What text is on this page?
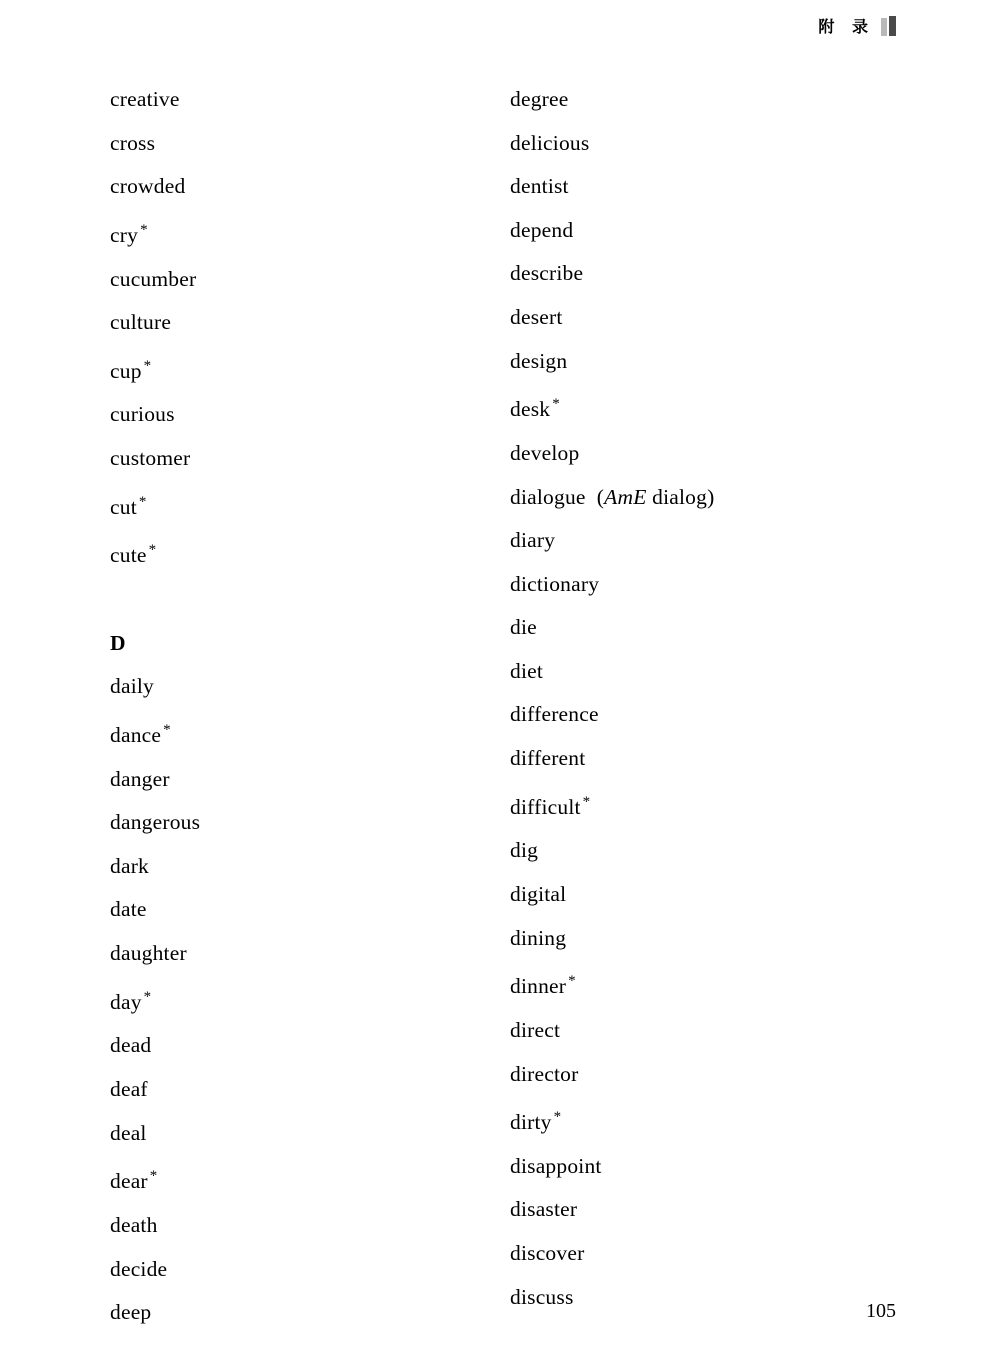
附 录
creative
cross
crowded
cry *
cucumber
culture
cup *
curious
customer
cut *
cute *
D
daily
dance *
danger
dangerous
dark
date
daughter
day *
dead
deaf
deal
dear *
death
decide
deep
degree
delicious
dentist
depend
describe
desert
design
desk *
develop
dialogue  (AmE dialog)
diary
dictionary
die
diet
difference
different
difficult *
dig
digital
dining
dinner *
direct
director
dirty *
disappoint
disaster
discover
discuss
105
